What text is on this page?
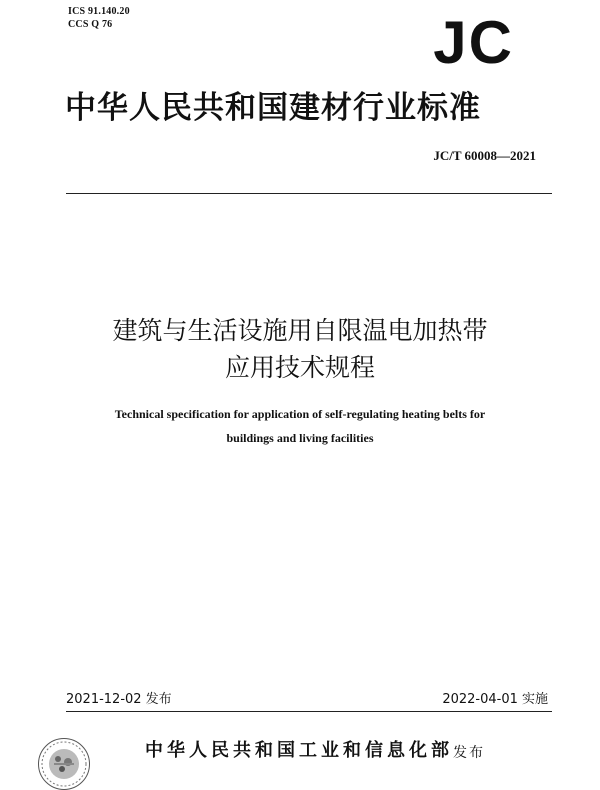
ICS 91.140.20
CCS Q 76	JC
中华人民共和国建材行业标准
JC/T 60008—2021
建筑与生活设施用自限温电加热带
应用技术规程
Technical specification for application of self-regulating heating belts for
buildings and living facilities
2021-12-02 发布	2022-04-01 实施
中华人民共和国工业和信息化部 发布
